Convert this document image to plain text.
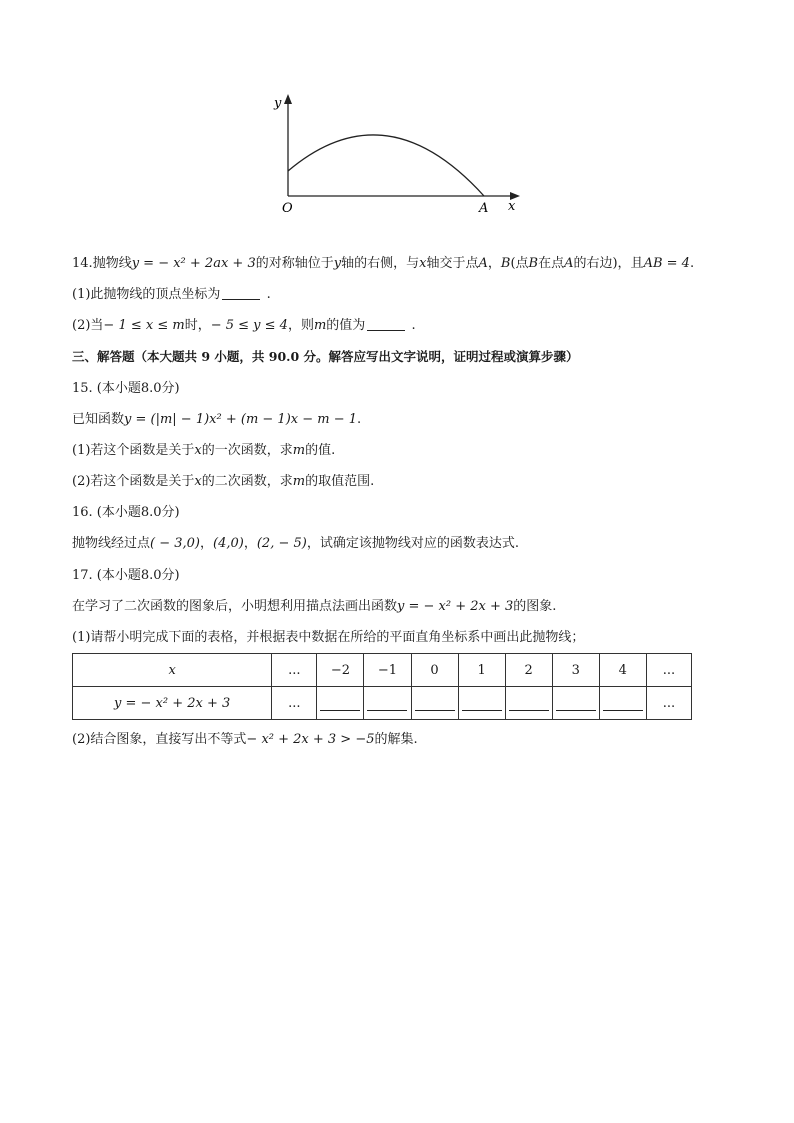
y
x
O	A
14.抛物线y = − x² + 2ax + 3的对称轴位于y轴的右侧，与x轴交于点A，B(点B在点A的右边)，且AB = 4.
(1)此抛物线的顶点坐标为	.
(2)当− 1 ≤ x ≤ m时，− 5 ≤ y ≤ 4，则m的值为	.
三、解答题（本大题共 9 小题，共 90.0 分。解答应写出文字说明，证明过程或演算步骤）
15. (本小题8.0分)
已知函数y = (|m| − 1)x² + (m − 1)x − m − 1.
(1)若这个函数是关于x的一次函数，求m的值.
(2)若这个函数是关于x的二次函数，求m的取值范围.
16. (本小题8.0分)
抛物线经过点( − 3,0)，(4,0)，(2, − 5)，试确定该抛物线对应的函数表达式.
17. (本小题8.0分)
在学习了二次函数的图象后，小明想利用描点法画出函数y = − x² + 2x + 3的图象.
(1)请帮小明完成下面的表格，并根据表中数据在所给的平面直角坐标系中画出此抛物线；
x	...	−2	−1	0	1	2	3	4	...
y = − x² + 2x + 3	...								...
(2)结合图象，直接写出不等式− x² + 2x + 3 > −5的解集.
